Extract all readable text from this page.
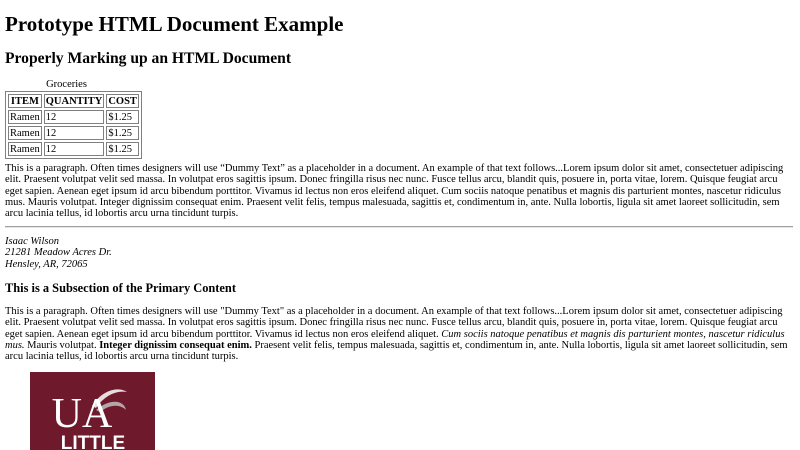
Prototype HTML Document Example
Properly Marking up an HTML Document
Groceries
ITEM	QUANTITY	COST
Ramen	12	$1.25
Ramen	12	$1.25
Ramen	12	$1.25

This is a paragraph. Often times designers will use “Dummy Text” as a placeholder in a document. An example of that text follows...Lorem ipsum dolor sit amet, consectetuer adipiscing elit. Praesent volutpat velit sed massa. In volutpat eros sagittis ipsum. Donec fringilla risus nec nunc. Fusce tellus arcu, blandit quis, posuere in, porta vitae, lorem. Quisque feugiat arcu eget sapien. Aenean eget ipsum id arcu bibendum porttitor. Vivamus id lectus non eros eleifend aliquet. Cum sociis natoque penatibus et magnis dis parturient montes, nascetur ridiculus mus. Mauris volutpat. Integer dignissim consequat enim. Praesent velit felis, tempus malesuada, sagittis et, condimentum in, ante. Nulla lobortis, ligula sit amet laoreet sollicitudin, sem arcu lacinia tellus, id lobortis arcu urna tincidunt turpis.

Isaac Wilson
21281 Meadow Acres Dr.
Hensley, AR, 72065
This is a Subsection of the Primary Content

This is a paragraph. Often times designers will use "Dummy Text" as a placeholder in a document. An example of that text follows...Lorem ipsum dolor sit amet, consectetuer adipiscing elit. Praesent volutpat velit sed massa. In volutpat eros sagittis ipsum. Donec fringilla risus nec nunc. Fusce tellus arcu, blandit quis, posuere in, porta vitae, lorem. Quisque feugiat arcu eget sapien. Aenean eget ipsum id arcu bibendum porttitor. Vivamus id lectus non eros eleifend aliquet. Cum sociis natoque penatibus et magnis dis parturient montes, nascetur ridiculus mus. Mauris volutpat. Integer dignissim consequat enim. Praesent velit felis, tempus malesuada, sagittis et, condimentum in, ante. Nulla lobortis, ligula sit amet laoreet sollicitudin, sem arcu lacinia tellus, id lobortis arcu urna tincidunt turpis.

UA
LITTLE
